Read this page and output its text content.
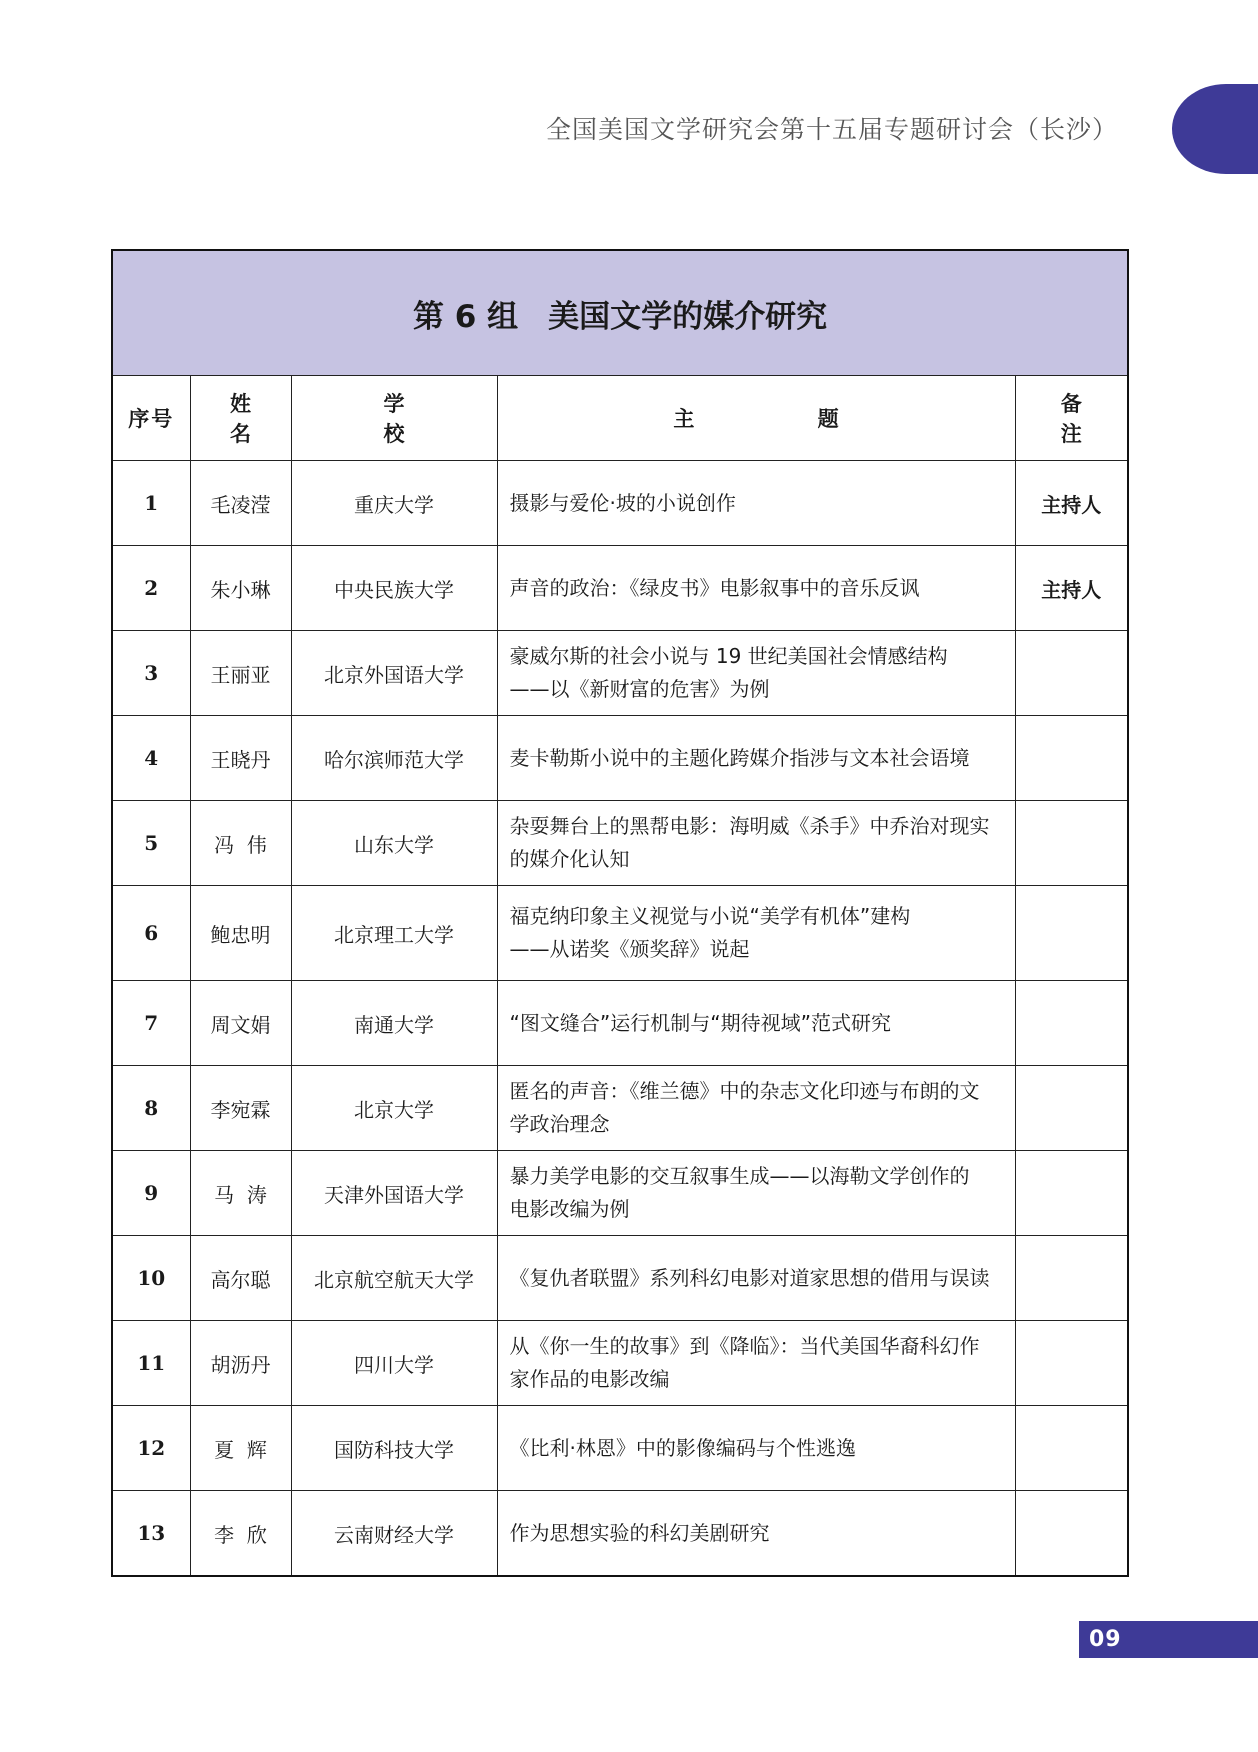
全国美国文学研究会第十五届专题研讨会（长沙）
第 6 组 美国文学的媒介研究				
序号	姓 名	学 校	主 题	备 注
1	毛凌滢	重庆大学	摄影与爱伦·坡的小说创作	主持人
2	朱小琳	中央民族大学	声音的政治：《绿皮书》电影叙事中的音乐反讽	主持人
3	王丽亚	北京外国语大学	豪威尔斯的社会小说与 19 世纪美国社会情感结构
——以《新财富的危害》为例	

4	王晓丹	哈尔滨师范大学	麦卡勒斯小说中的主题化跨媒介指涉与文本社会语境	

5	冯  伟	山东大学	杂耍舞台上的黑帮电影：海明威《杀手》中乔治对现实
的媒介化认知	

6	鲍忠明	北京理工大学	福克纳印象主义视觉与小说“美学有机体”建构
——从诺奖《颁奖辞》说起	

7	周文娟	南通大学	“图文缝合”运行机制与“期待视域”范式研究	

8	李宛霖	北京大学	匿名的声音：《维兰德》中的杂志文化印迹与布朗的文
学政治理念	

9	马  涛	天津外国语大学	暴力美学电影的交互叙事生成——以海勒文学创作的
电影改编为例	

10	高尔聪	北京航空航天大学	《复仇者联盟》系列科幻电影对道家思想的借用与误读	

11	胡沥丹	四川大学	从《你一生的故事》到《降临》：当代美国华裔科幻作
家作品的电影改编	

12	夏  辉	国防科技大学	《比利·林恩》中的影像编码与个性逃逸	

13	李  欣	云南财经大学	作为思想实验的科幻美剧研究	

09
